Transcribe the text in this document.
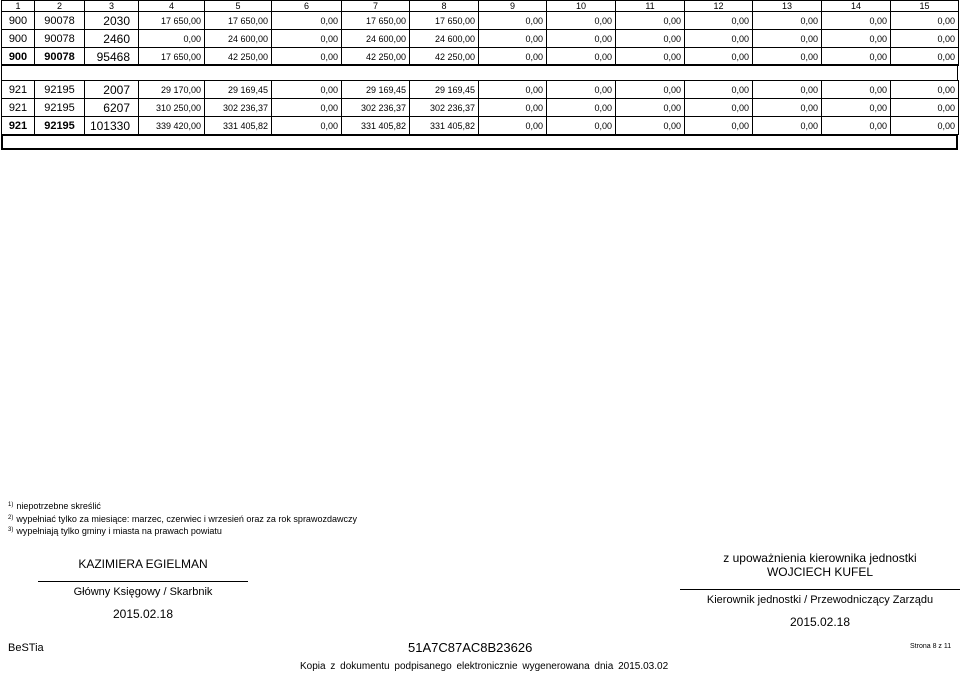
1	2	3	4	5	6	7	8	9	10	11	12	13	14	15
900	90078	2030	17 650,00	17 650,00	0,00	17 650,00	17 650,00	0,00	0,00	0,00	0,00	0,00	0,00	0,00
900	90078	2460	0,00	24 600,00	0,00	24 600,00	24 600,00	0,00	0,00	0,00	0,00	0,00	0,00	0,00
900	90078	95468	17 650,00	42 250,00	0,00	42 250,00	42 250,00	0,00	0,00	0,00	0,00	0,00	0,00	0,00
921	92195	2007	29 170,00	29 169,45	0,00	29 169,45	29 169,45	0,00	0,00	0,00	0,00	0,00	0,00	0,00
921	92195	6207	310 250,00	302 236,37	0,00	302 236,37	302 236,37	0,00	0,00	0,00	0,00	0,00	0,00	0,00
921	92195	101330	339 420,00	331 405,82	0,00	331 405,82	331 405,82	0,00	0,00	0,00	0,00	0,00	0,00	0,00
$^{1)}$ niepotrzebne skreślić
$^{2)}$ wypełniać tylko za miesiące: marzec, czerwiec i wrzesień oraz za rok sprawozdawczy
$^{3)}$ wypełniają tylko gminy i miasta na prawach powiatu
KAZIMIERA EGIELMAN
Główny Księgowy / Skarbnik
2015.02.18
z upoważnienia kierownika jednostki
WOJCIECH KUFEL
Kierownik jednostki / Przewodniczący Zarządu
2015.02.18
BeSTia	51A7C87AC8B23626	Strona 8 z 11
Kopia z dokumentu podpisanego elektronicznie wygenerowana dnia 2015.03.02
